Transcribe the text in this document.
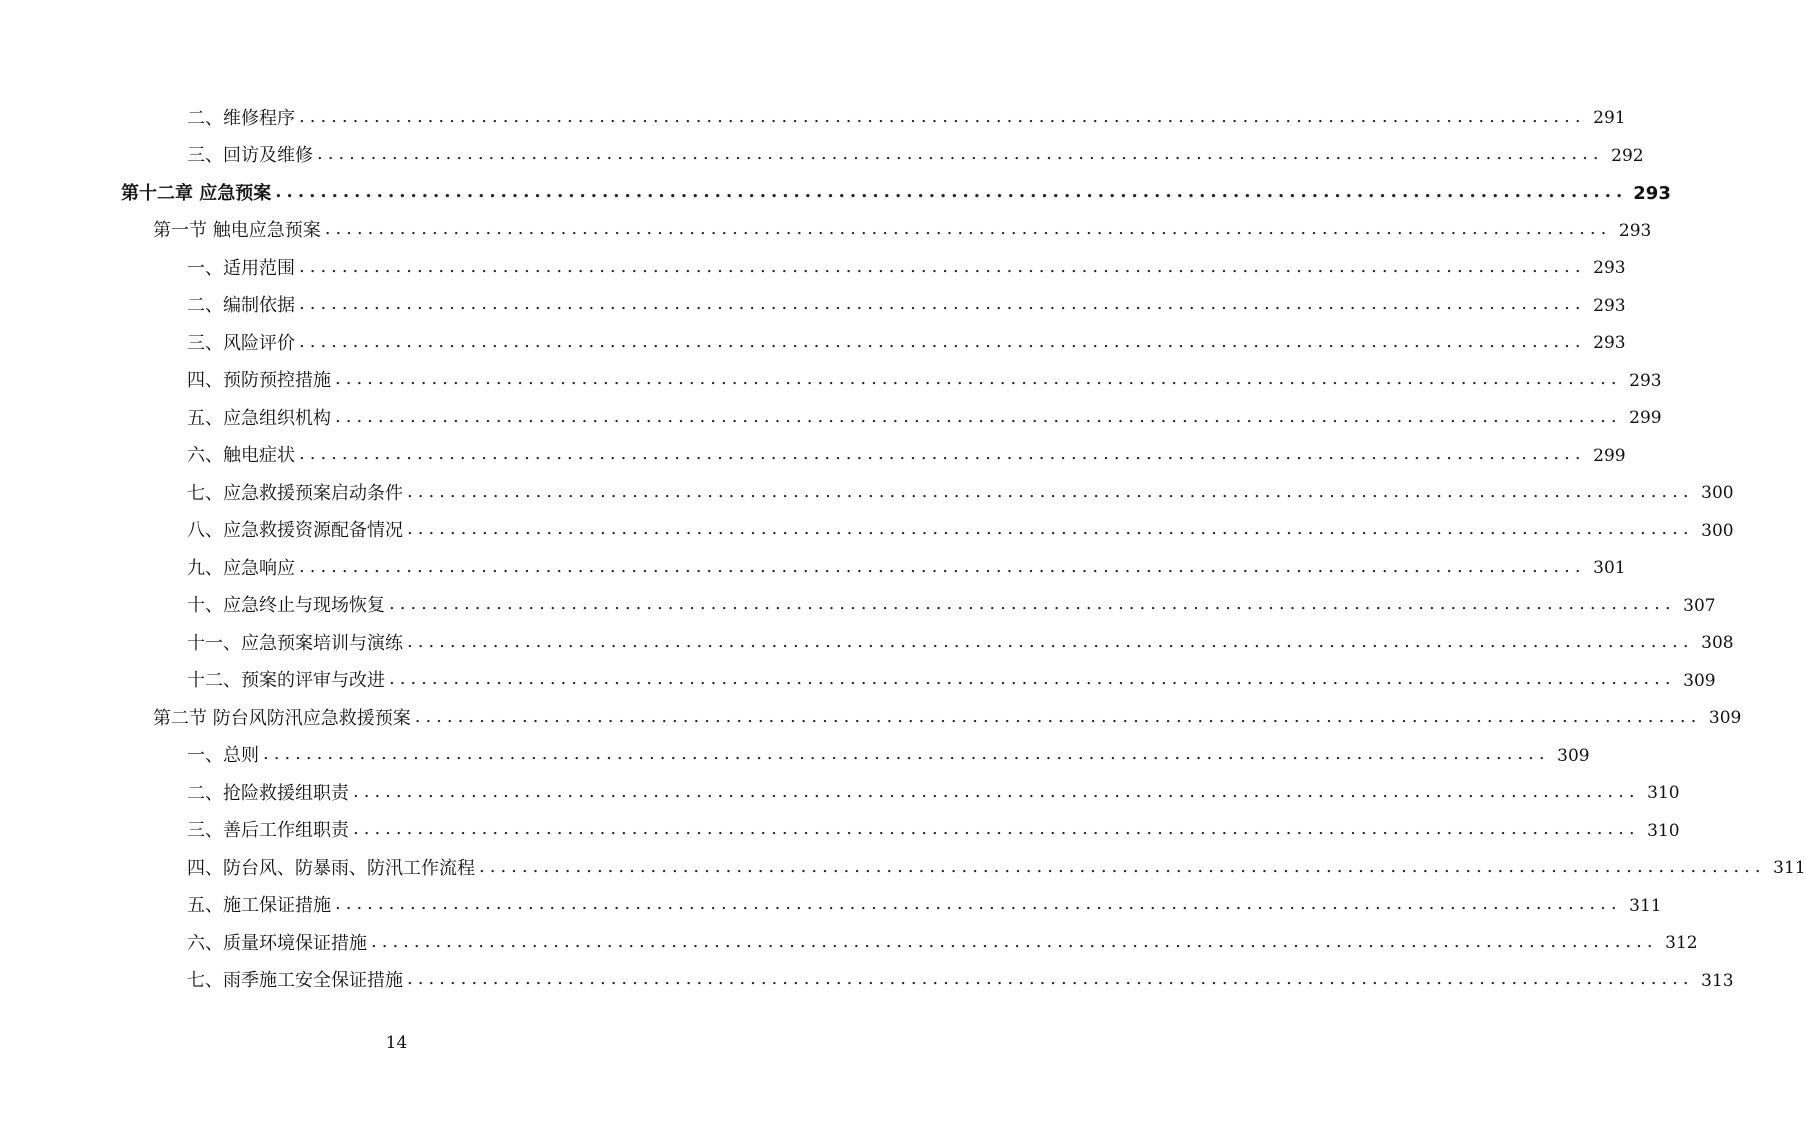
二、维修程序 ........................................................................................................................ 291
三、回访及维修 ........................................................................................................................ 292
第十二章 应急预案 ........................................................................................................................ 293
第一节 触电应急预案 ........................................................................................................................ 293
一、适用范围 ........................................................................................................................ 293
二、编制依据 ........................................................................................................................ 293
三、风险评价 ........................................................................................................................ 293
四、预防预控措施 ........................................................................................................................ 293
五、应急组织机构 ........................................................................................................................ 299
六、触电症状 ........................................................................................................................ 299
七、应急救援预案启动条件 ........................................................................................................................ 300
八、应急救援资源配备情况 ........................................................................................................................ 300
九、应急响应 ........................................................................................................................ 301
十、应急终止与现场恢复 ........................................................................................................................ 307
十一、应急预案培训与演练 ........................................................................................................................ 308
十二、预案的评审与改进 ........................................................................................................................ 309
第二节 防台风防汛应急救援预案 ........................................................................................................................ 309
一、总则 ........................................................................................................................ 309
二、抢险救援组职责 ........................................................................................................................ 310
三、善后工作组职责 ........................................................................................................................ 310
四、防台风、防暴雨、防汛工作流程 ........................................................................................................................ 311
五、施工保证措施 ........................................................................................................................ 311
六、质量环境保证措施 ........................................................................................................................ 312
七、雨季施工安全保证措施 ........................................................................................................................ 313
14
